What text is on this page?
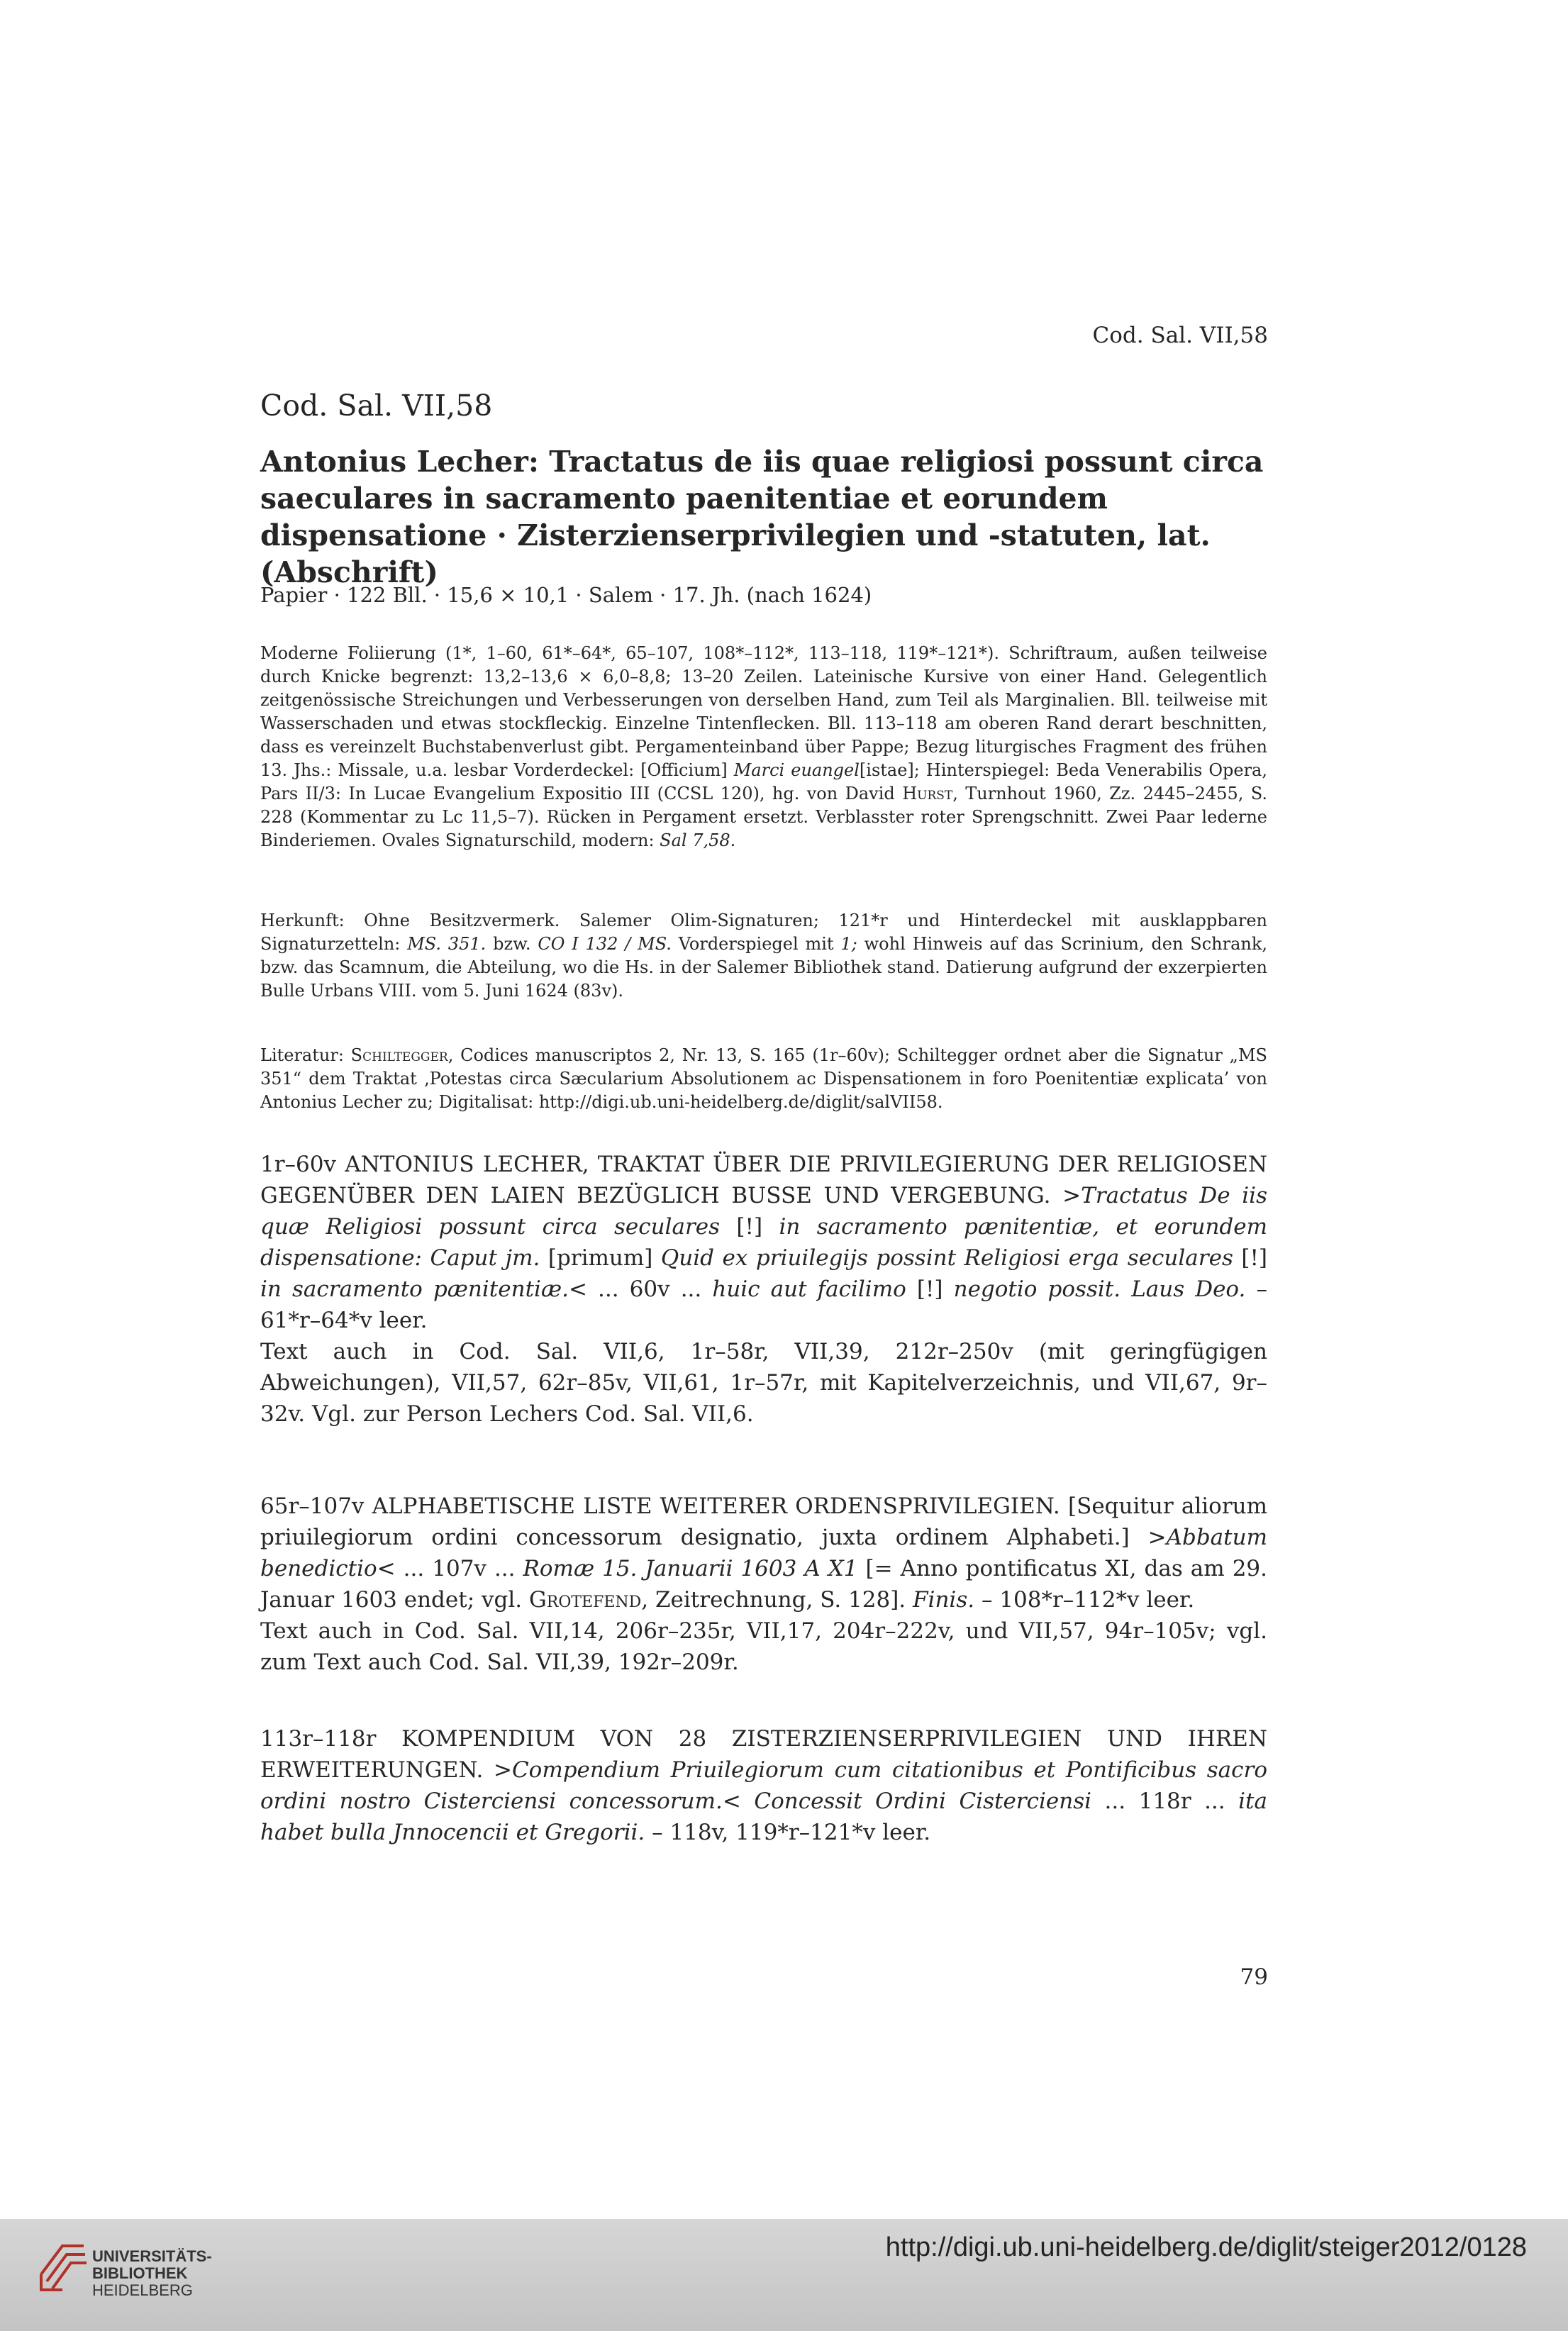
Cod. Sal. VII,58
Cod. Sal. VII,58
Antonius Lecher: Tractatus de iis quae religiosi possunt circa saeculares in sacramento paenitentiae et eorundem dispensatione · Zisterzienserprivilegien und -statuten, lat. (Abschrift)
Papier · 122 Bll. · 15,6 × 10,1 · Salem · 17. Jh. (nach 1624)
Moderne Foliierung (1*, 1–60, 61*–64*, 65–107, 108*–112*, 113–118, 119*–121*). Schriftraum, außen teilweise durch Knicke begrenzt: 13,2–13,6 × 6,0–8,8; 13–20 Zeilen. Lateinische Kursive von einer Hand. Gelegentlich zeitgenössische Streichungen und Verbesserungen von derselben Hand, zum Teil als Marginalien. Bll. teilweise mit Wasserschaden und etwas stockfleckig. Einzelne Tintenflecken. Bll. 113–118 am oberen Rand derart beschnitten, dass es vereinzelt Buchstabenverlust gibt. Pergamenteinband über Pappe; Bezug liturgisches Fragment des frühen 13. Jhs.: Missale, u.a. lesbar Vorderdeckel: [Officium] Marci euangel[istae]; Hinterspiegel: Beda Venerabilis Opera, Pars II/3: In Lucae Evangelium Expositio III (CCSL 120), hg. von David Hurst, Turnhout 1960, Zz. 2445–2455, S. 228 (Kommentar zu Lc 11,5–7). Rücken in Pergament ersetzt. Verblasster roter Sprengschnitt. Zwei Paar lederne Binderiemen. Ovales Signaturschild, modern: Sal 7,58.
Herkunft: Ohne Besitzvermerk. Salemer Olim-Signaturen; 121*r und Hinterdeckel mit ausklappbaren Signaturzetteln: MS. 351. bzw. CO I 132 / MS. Vorderspiegel mit 1; wohl Hinweis auf das Scrinium, den Schrank, bzw. das Scamnum, die Abteilung, wo die Hs. in der Salemer Bibliothek stand. Datierung aufgrund der exzerpierten Bulle Urbans VIII. vom 5. Juni 1624 (83v).
Literatur: Schiltegger, Codices manuscriptos 2, Nr. 13, S. 165 (1r–60v); Schiltegger ordnet aber die Signatur „MS 351“ dem Traktat ‚Potestas circa Sæcularium Absolutionem ac Dispensationem in foro Poenitentiæ explicata’ von Antonius Lecher zu; Digitalisat: http://digi.ub.uni-heidelberg.de/diglit/salVII58.

1r–60v ANTONIUS LECHER, TRAKTAT ÜBER DIE PRIVILEGIERUNG DER RELIGIOSEN GEGENÜBER DEN LAIEN BEZÜGLICH BUSSE UND VERGEBUNG. >Tractatus De iis quæ Religiosi possunt circa seculares [!] in sacramento pænitentiæ, et eorundem dispensatione: Caput jm. [primum] Quid ex priuilegijs possint Religiosi erga seculares [!] in sacramento pænitentiæ.< ... 60v ... huic aut facilimo [!] negotio possit. Laus Deo. – 61*r–64*v leer.

Text auch in Cod. Sal. VII,6, 1r–58r, VII,39, 212r–250v (mit geringfügigen Abweichungen), VII,57, 62r–85v, VII,61, 1r–57r, mit Kapitelverzeichnis, und VII,67, 9r–32v. Vgl. zur Person Lechers Cod. Sal. VII,6.

65r–107v ALPHABETISCHE LISTE WEITERER ORDENSPRIVILEGIEN. [Sequitur aliorum priuilegiorum ordini concessorum designatio, juxta ordinem Alphabeti.] >Abbatum benedictio< ... 107v ... Romæ 15. Januarii 1603 A X1 [= Anno pontificatus XI, das am 29. Januar 1603 endet; vgl. Grotefend, Zeitrechnung, S. 128]. Finis. – 108*r–112*v leer.

Text auch in Cod. Sal. VII,14, 206r–235r, VII,17, 204r–222v, und VII,57, 94r–105v; vgl. zum Text auch Cod. Sal. VII,39, 192r–209r.

113r–118r KOMPENDIUM VON 28 ZISTERZIENSERPRIVILEGIEN UND IHREN ERWEITERUNGEN. >Compendium Priuilegiorum cum citationibus et Pontificibus sacro ordini nostro Cisterciensi concessorum.< Concessit Ordini Cisterciensi ... 118r ... ita habet bulla Jnnocencii et Gregorii. – 118v, 119*r–121*v leer.

79
UNIVERSITÄTS-
BIBLIOTHEK
HEIDELBERG
http://digi.ub.uni-heidelberg.de/diglit/steiger2012/0128
